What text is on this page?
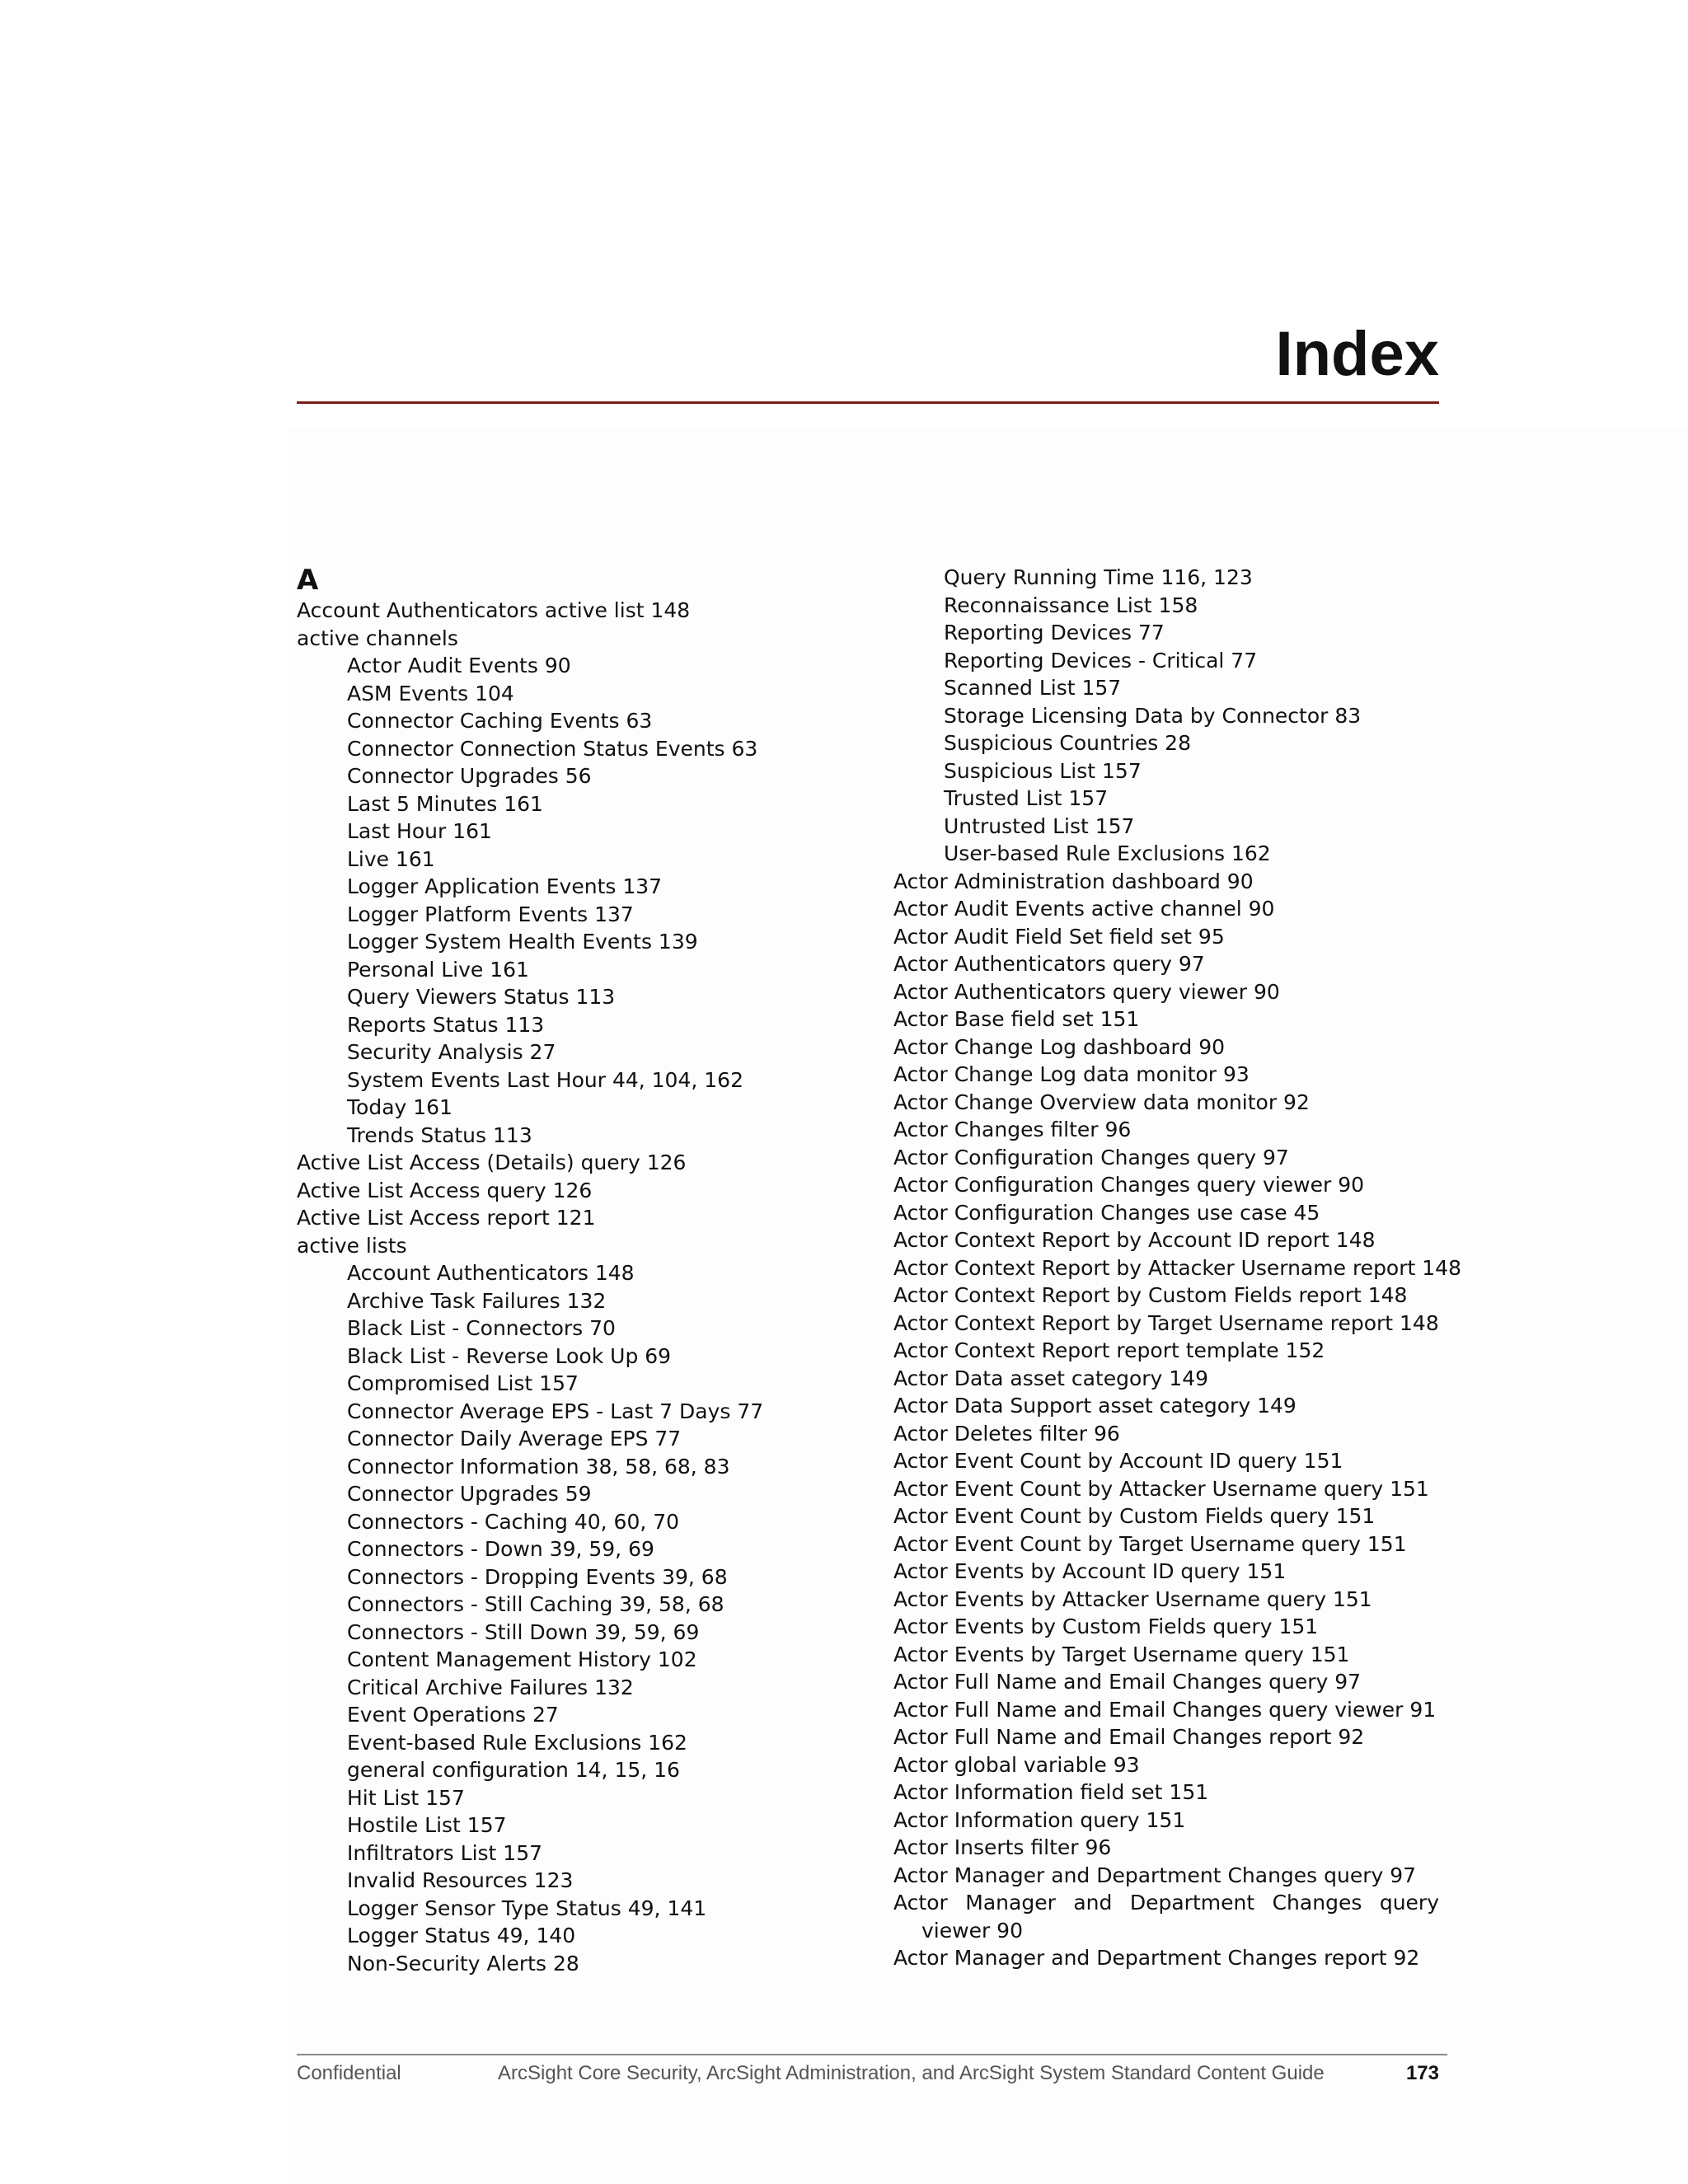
Index
A
Account Authenticators active list 148
active channels
Actor Audit Events 90
ASM Events 104
Connector Caching Events 63
Connector Connection Status Events 63
Connector Upgrades 56
Last 5 Minutes 161
Last Hour 161
Live 161
Logger Application Events 137
Logger Platform Events 137
Logger System Health Events 139
Personal Live 161
Query Viewers Status 113
Reports Status 113
Security Analysis 27
System Events Last Hour 44, 104, 162
Today 161
Trends Status 113
Active List Access (Details) query 126
Active List Access query 126
Active List Access report 121
active lists
Account Authenticators 148
Archive Task Failures 132
Black List - Connectors 70
Black List - Reverse Look Up 69
Compromised List 157
Connector Average EPS - Last 7 Days 77
Connector Daily Average EPS 77
Connector Information 38, 58, 68, 83
Connector Upgrades 59
Connectors - Caching 40, 60, 70
Connectors - Down 39, 59, 69
Connectors - Dropping Events 39, 68
Connectors - Still Caching 39, 58, 68
Connectors - Still Down 39, 59, 69
Content Management History 102
Critical Archive Failures 132
Event Operations 27
Event-based Rule Exclusions 162
general configuration 14, 15, 16
Hit List 157
Hostile List 157
Infiltrators List 157
Invalid Resources 123
Logger Sensor Type Status 49, 141
Logger Status 49, 140
Non-Security Alerts 28
Query Running Time 116, 123
Reconnaissance List 158
Reporting Devices 77
Reporting Devices - Critical 77
Scanned List 157
Storage Licensing Data by Connector 83
Suspicious Countries 28
Suspicious List 157
Trusted List 157
Untrusted List 157
User-based Rule Exclusions 162
Actor Administration dashboard 90
Actor Audit Events active channel 90
Actor Audit Field Set field set 95
Actor Authenticators query 97
Actor Authenticators query viewer 90
Actor Base field set 151
Actor Change Log dashboard 90
Actor Change Log data monitor 93
Actor Change Overview data monitor 92
Actor Changes filter 96
Actor Configuration Changes query 97
Actor Configuration Changes query viewer 90
Actor Configuration Changes use case 45
Actor Context Report by Account ID report 148
Actor Context Report by Attacker Username report 148
Actor Context Report by Custom Fields report 148
Actor Context Report by Target Username report 148
Actor Context Report report template 152
Actor Data asset category 149
Actor Data Support asset category 149
Actor Deletes filter 96
Actor Event Count by Account ID query 151
Actor Event Count by Attacker Username query 151
Actor Event Count by Custom Fields query 151
Actor Event Count by Target Username query 151
Actor Events by Account ID query 151
Actor Events by Attacker Username query 151
Actor Events by Custom Fields query 151
Actor Events by Target Username query 151
Actor Full Name and Email Changes query 97
Actor Full Name and Email Changes query viewer 91
Actor Full Name and Email Changes report 92
Actor global variable 93
Actor Information field set 151
Actor Information query 151
Actor Inserts filter 96
Actor Manager and Department Changes query 97
Actor Manager and Department Changes query viewer 90
Actor Manager and Department Changes report 92
Confidential	ArcSight Core Security, ArcSight Administration, and ArcSight System Standard Content Guide	173
